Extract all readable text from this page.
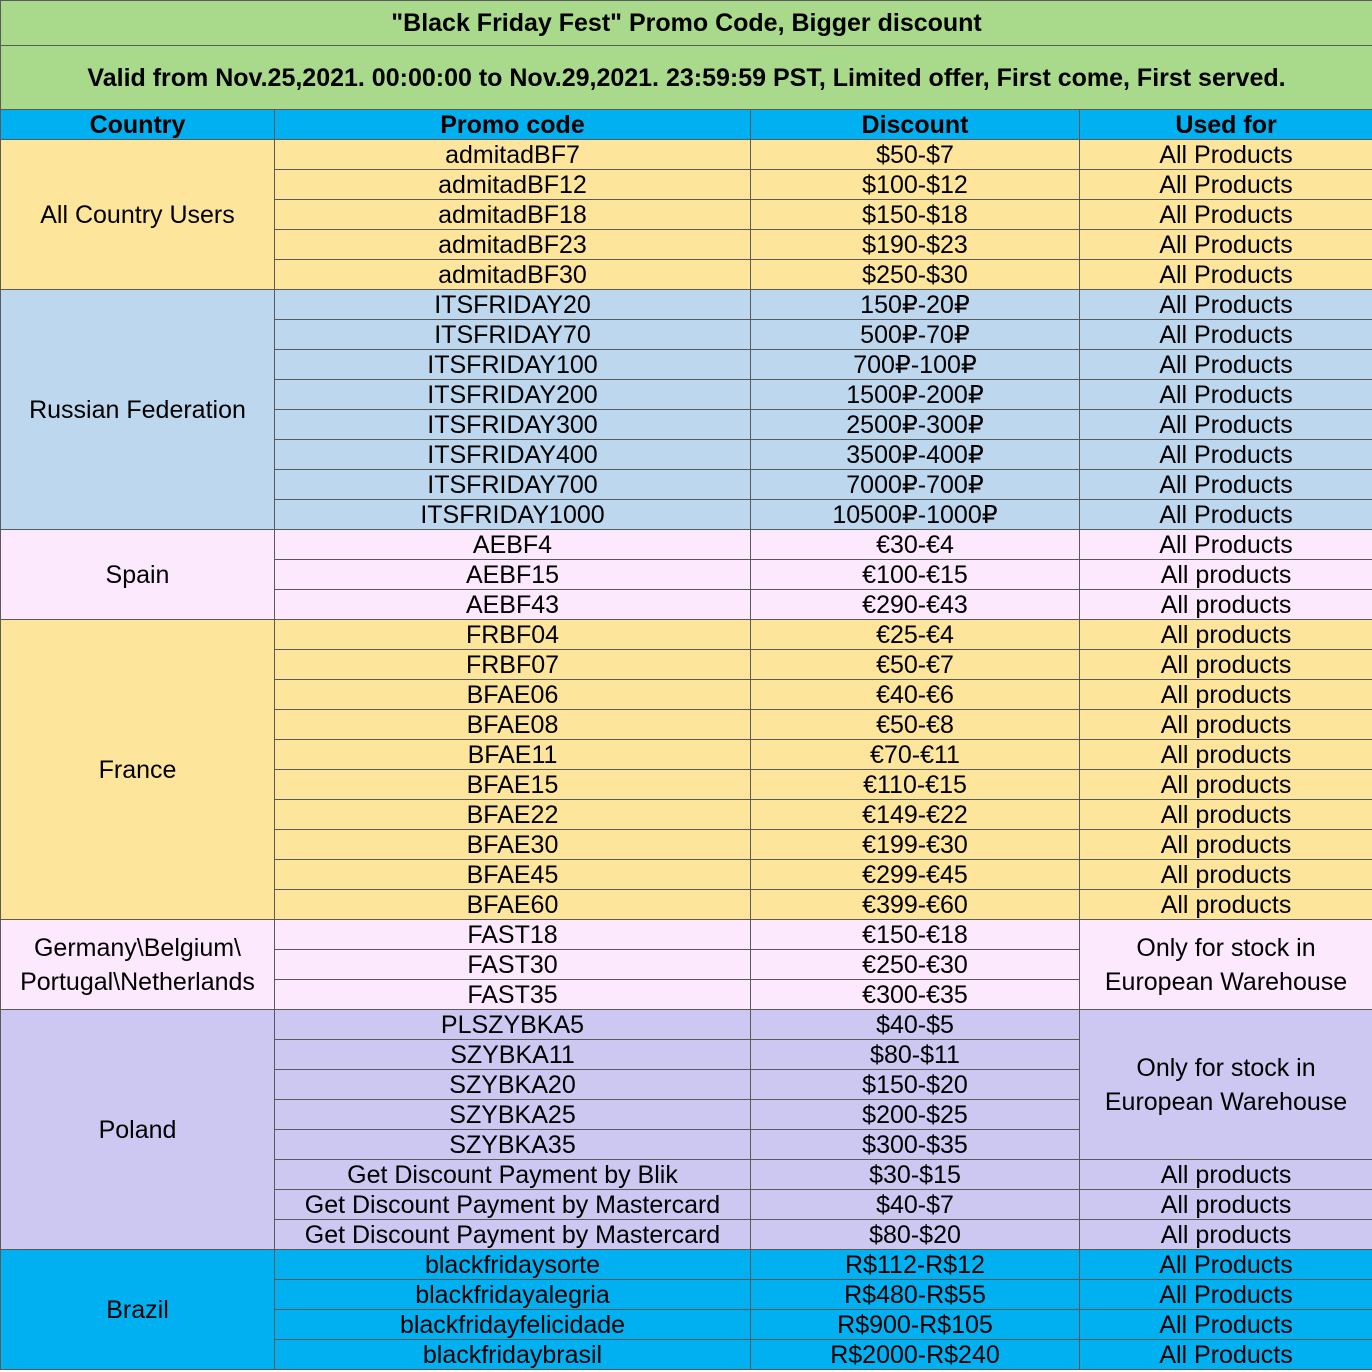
"Black Friday Fest" Promo Code, Bigger discount			
Valid from Nov.25,2021. 00:00:00 to Nov.29,2021. 23:59:59 PST, Limited offer, First come, First served.			
Country	Promo code	Discount	Used for
All Country Users	admitadBF7	$50-$7	All Products
	admitadBF12	$100-$12	All Products
	admitadBF18	$150-$18	All Products
	admitadBF23	$190-$23	All Products
	admitadBF30	$250-$30	All Products
Russian Federation	ITSFRIDAY20	150₽-20₽	All Products
	ITSFRIDAY70	500₽-70₽	All Products
	ITSFRIDAY100	700₽-100₽	All Products
	ITSFRIDAY200	1500₽-200₽	All Products
	ITSFRIDAY300	2500₽-300₽	All Products
	ITSFRIDAY400	3500₽-400₽	All Products
	ITSFRIDAY700	7000₽-700₽	All Products
	ITSFRIDAY1000	10500₽-1000₽	All Products
Spain	AEBF4	€30-€4	All Products
	AEBF15	€100-€15	All products
	AEBF43	€290-€43	All products
France	FRBF04	€25-€4	All products
	FRBF07	€50-€7	All products
	BFAE06	€40-€6	All products
	BFAE08	€50-€8	All products
	BFAE11	€70-€11	All products
	BFAE15	€110-€15	All products
	BFAE22	€149-€22	All products
	BFAE30	€199-€30	All products
	BFAE45	€299-€45	All products
	BFAE60	€399-€60	All products
Germany\Belgium\ Portugal\Netherlands	FAST18	€150-€18	Only for stock in European Warehouse
	FAST30	€250-€30	
	FAST35	€300-€35	
Poland	PLSZYBKA5	$40-$5	Only for stock in European Warehouse
	SZYBKA11	$80-$11	
	SZYBKA20	$150-$20	
	SZYBKA25	$200-$25	
	SZYBKA35	$300-$35	
	Get Discount Payment by Blik	$30-$15	All products
	Get Discount Payment by Mastercard	$40-$7	All products
	Get Discount Payment by Mastercard	$80-$20	All products
Brazil	blackfridaysorte	R$112-R$12	All Products
	blackfridayalegria	R$480-R$55	All Products
	blackfridayfelicidade	R$900-R$105	All Products
	blackfridaybrasil	R$2000-R$240	All Products
